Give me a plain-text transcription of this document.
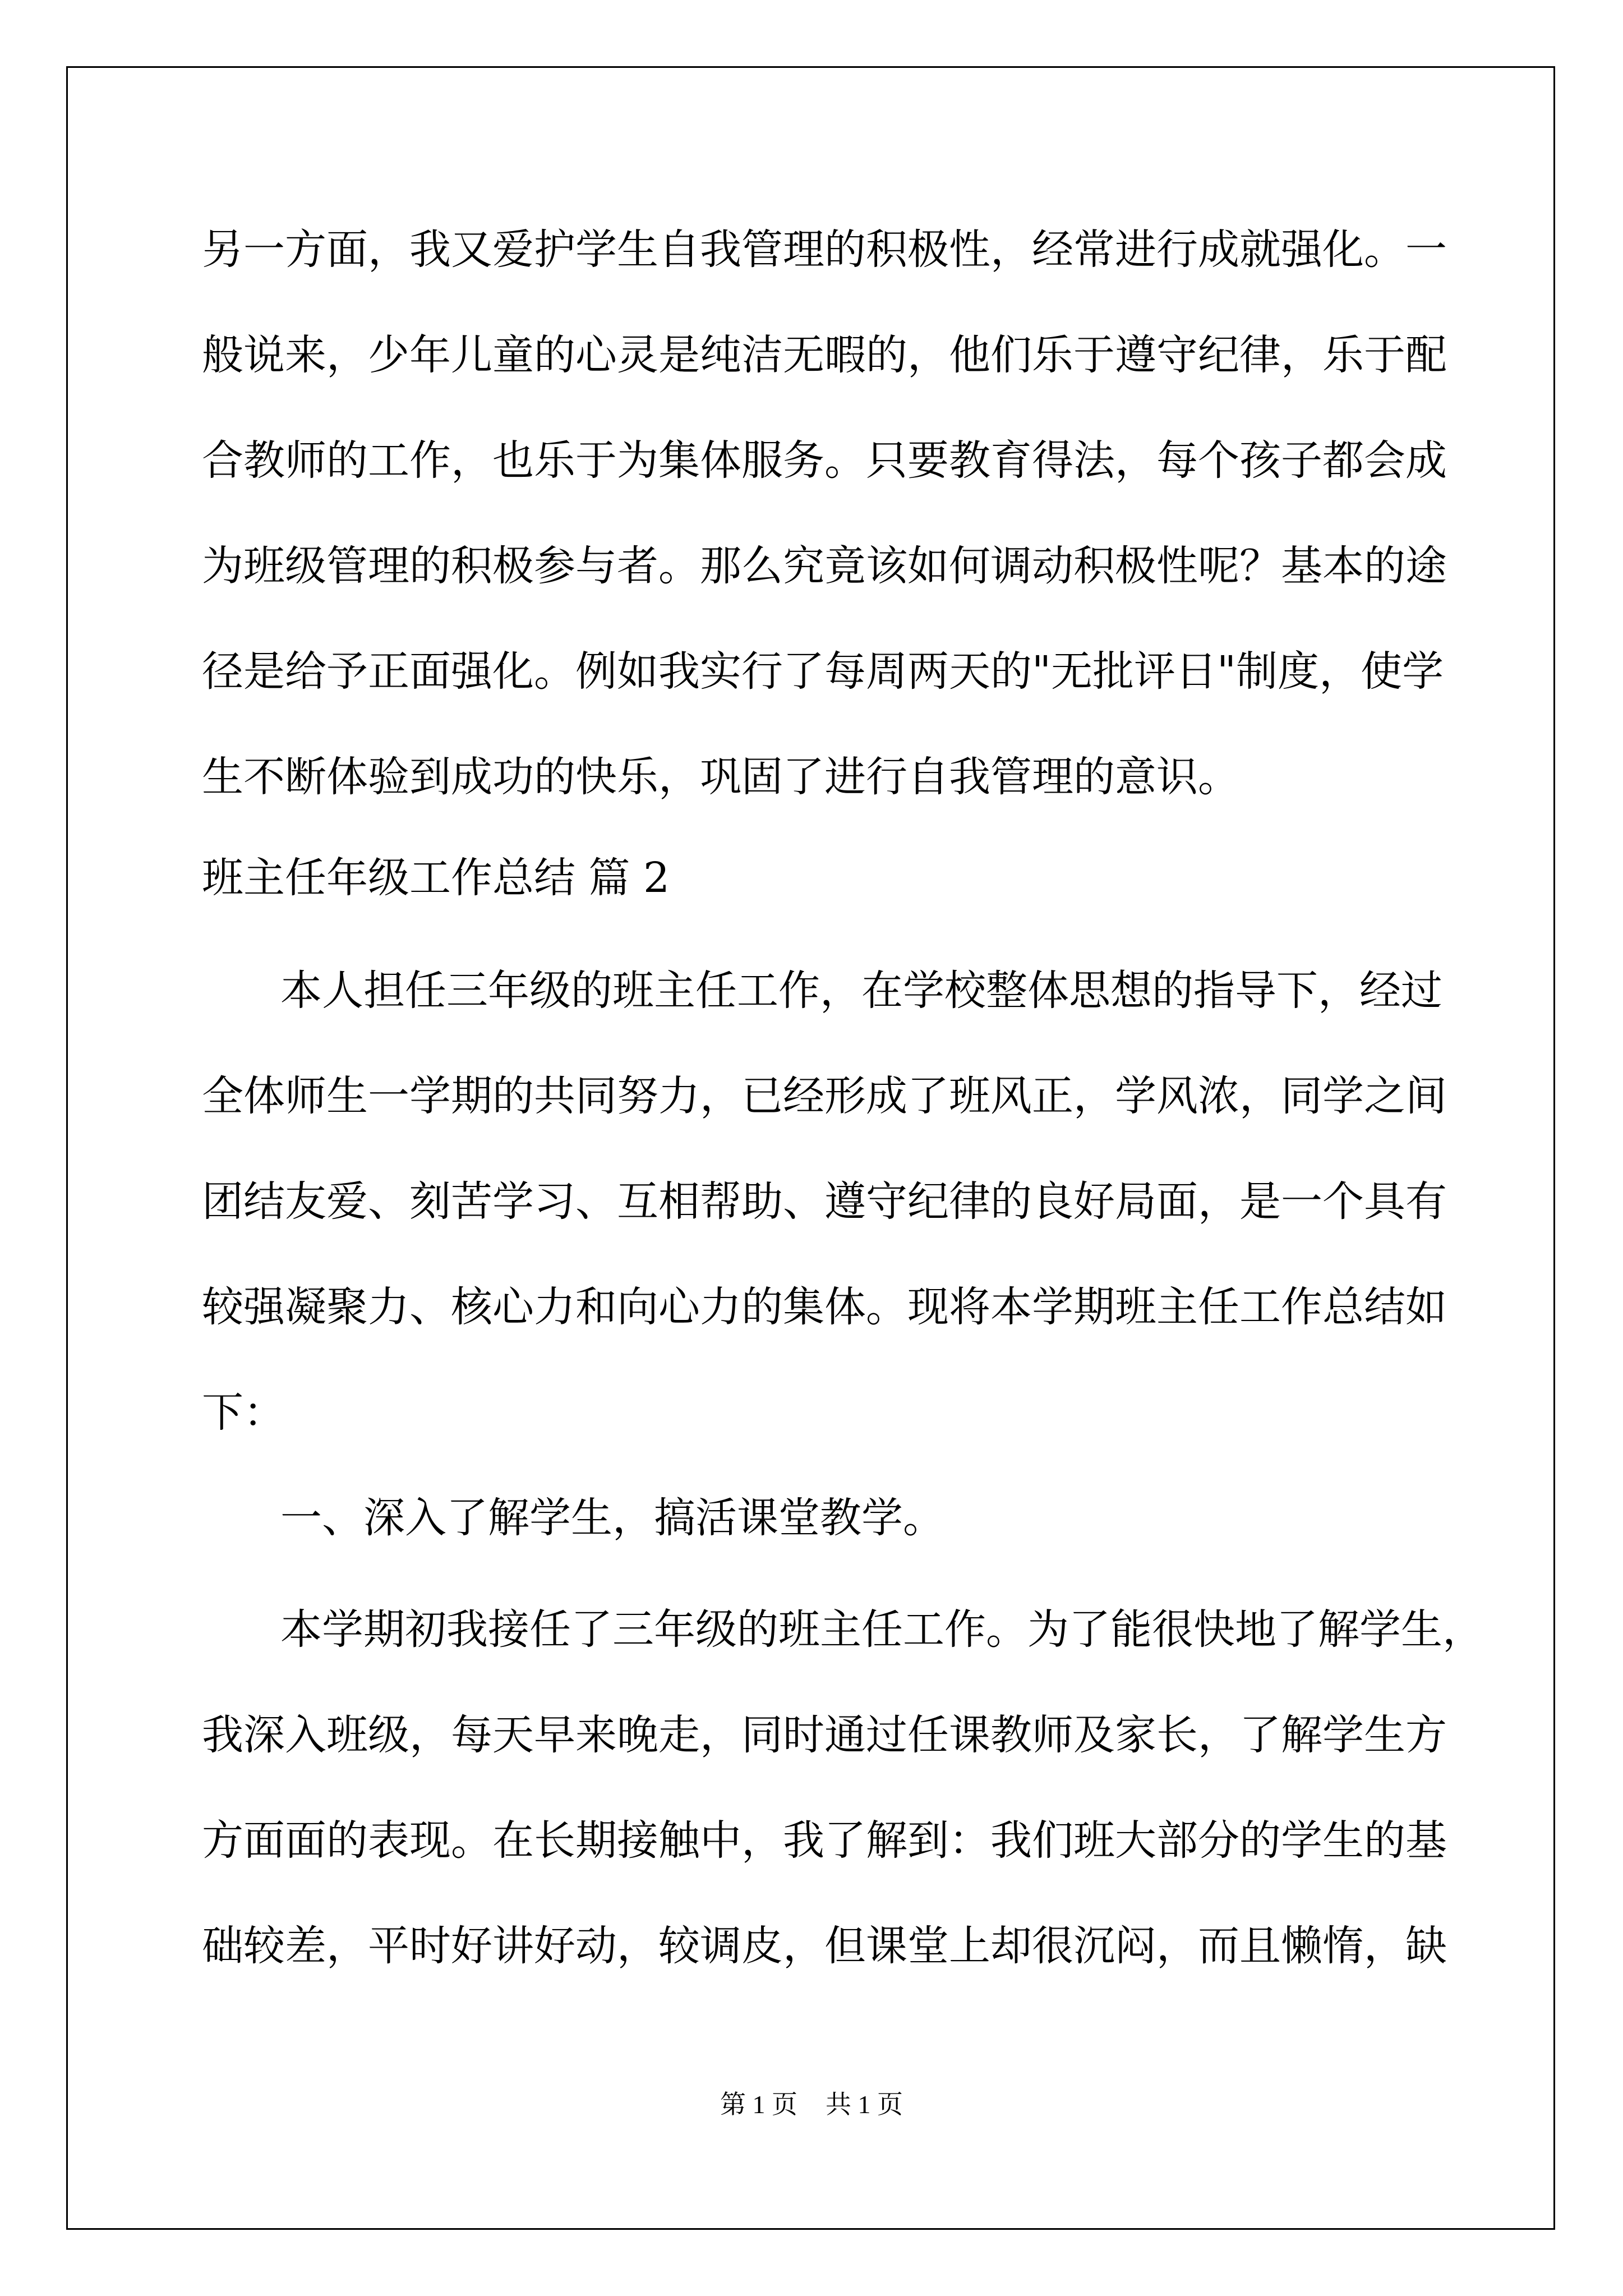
另一方面，我又爱护学生自我管理的积极性，经常进行成就强化。一
般说来，少年儿童的心灵是纯洁无暇的，他们乐于遵守纪律，乐于配
合教师的工作，也乐于为集体服务。只要教育得法，每个孩子都会成
为班级管理的积极参与者。那么究竟该如何调动积极性呢？基本的途
径是给予正面强化。例如我实行了每周两天的"无批评日"制度，使学
生不断体验到成功的快乐，巩固了进行自我管理的意识。
班主任年级工作总结 篇 2
本人担任三年级的班主任工作，在学校整体思想的指导下，经过
全体师生一学期的共同努力，已经形成了班风正，学风浓，同学之间
团结友爱、刻苦学习、互相帮助、遵守纪律的良好局面，是一个具有
较强凝聚力、核心力和向心力的集体。现将本学期班主任工作总结如
下：
一、深入了解学生，搞活课堂教学。
本学期初我接任了三年级的班主任工作。为了能很快地了解学生，
我深入班级，每天早来晚走，同时通过任课教师及家长，了解学生方
方面面的表现。在长期接触中，我了解到：我们班大部分的学生的基
础较差，平时好讲好动，较调皮，但课堂上却很沉闷，而且懒惰，缺
第 1 页 共 1 页
